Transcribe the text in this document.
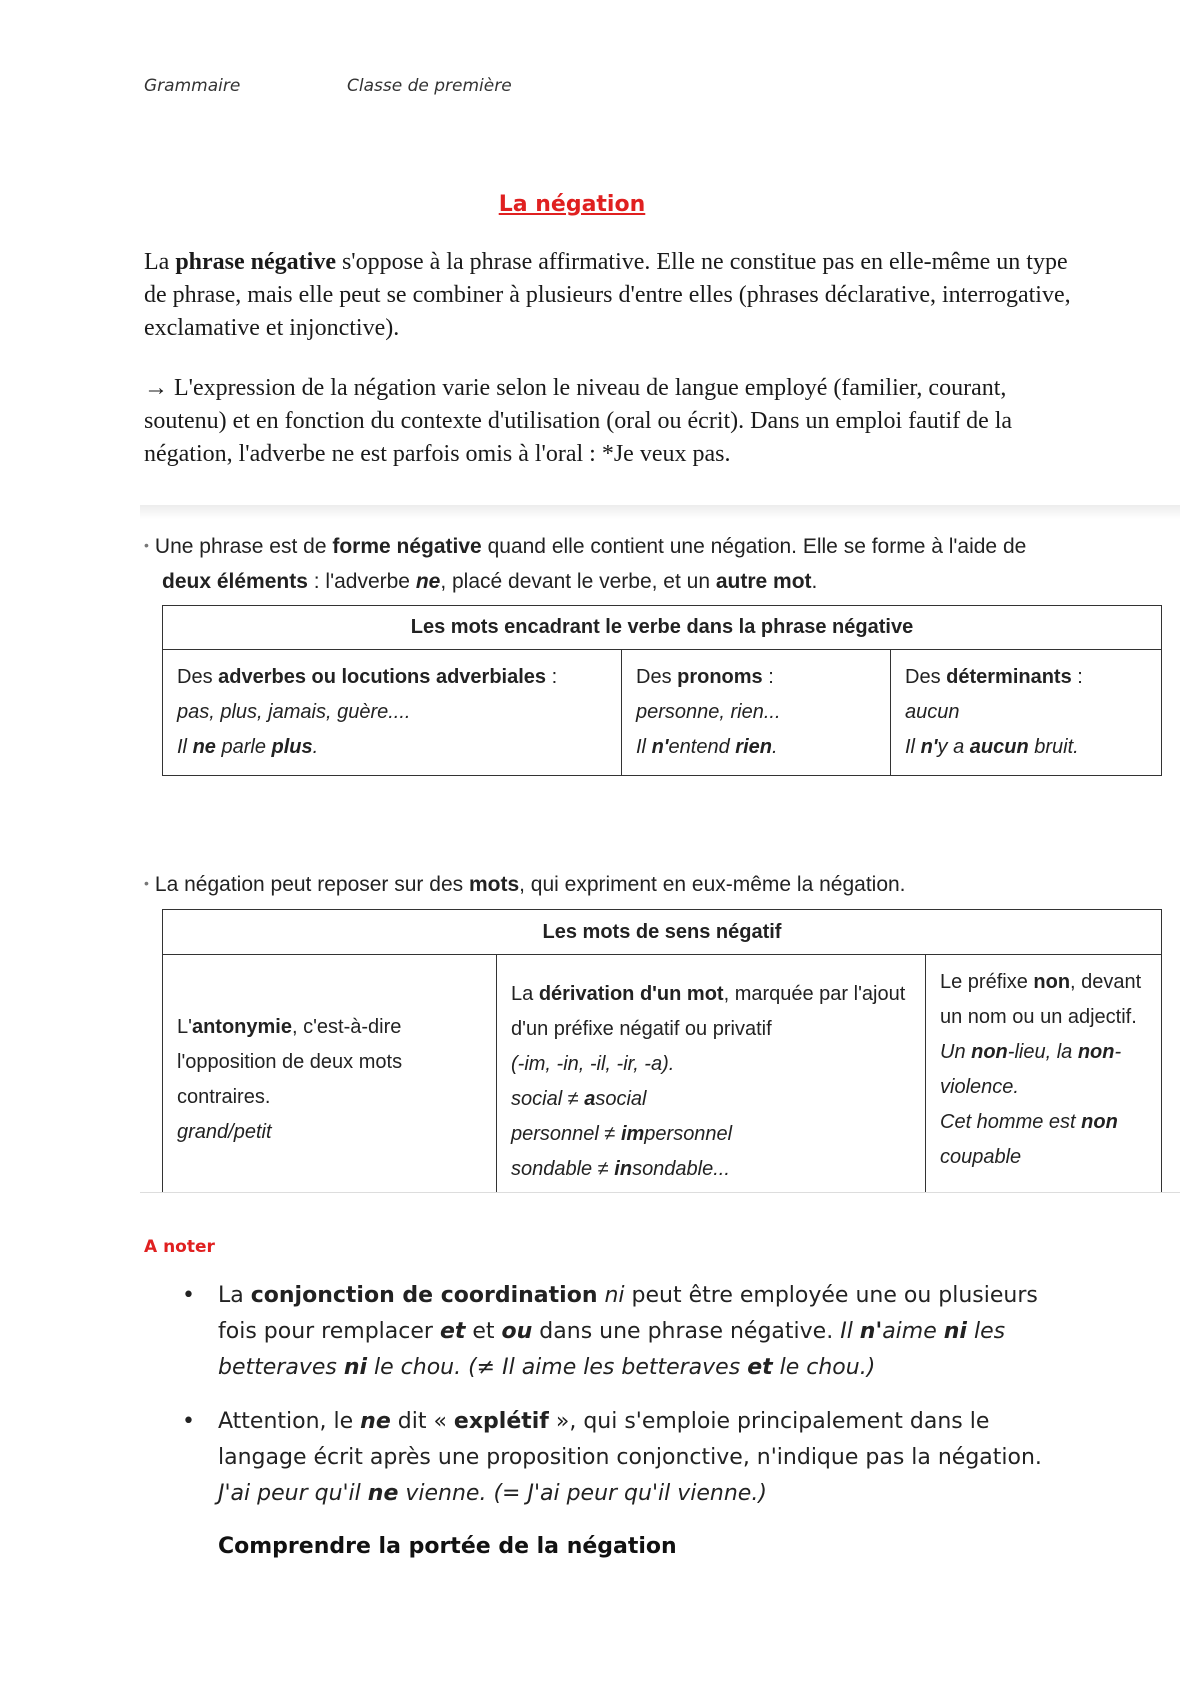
Grammaire	Classe de première
La négation
La phrase négative s'oppose à la phrase affirmative. Elle ne constitue pas en elle-même un type de phrase, mais elle peut se combiner à plusieurs d'entre elles (phrases déclarative, interrogative, exclamative et injonctive).
→ L'expression de la négation varie selon le niveau de langue employé (familier, courant, soutenu) et en fonction du contexte d'utilisation (oral ou écrit). Dans un emploi fautif de la négation, l'adverbe ne est parfois omis à l'oral : *Je veux pas.
• Une phrase est de forme négative quand elle contient une négation. Elle se forme à l'aide de
deux éléments : l'adverbe ne, placé devant le verbe, et un autre mot.
Les mots encadrant le verbe dans la phrase négative
Des adverbes ou locutions adverbiales :
pas, plus, jamais, guère....
Il ne parle plus.	Des pronoms :
personne, rien...
Il n'entend rien.	Des déterminants :
aucun
Il n'y a aucun bruit.
• La négation peut reposer sur des mots, qui expriment en eux-même la négation.
Les mots de sens négatif
L'antonymie, c'est-à-dire l'opposition de deux mots contraires.
grand/petit	La dérivation d'un mot, marquée par l'ajout d'un préfixe négatif ou privatif
(-im, -in, -il, -ir, -a).
social ≠ asocial
personnel ≠ impersonnel
sondable ≠ insondable...	Le préfixe non, devant un nom ou un adjectif.
Un non-lieu, la non-violence.
Cet homme est non coupable
A noter
• La conjonction de coordination ni peut être employée une ou plusieurs fois pour remplacer et et ou dans une phrase négative. Il n'aime ni les betteraves ni le chou. (≠ Il aime les betteraves et le chou.)
• Attention, le ne dit « explétif », qui s'emploie principalement dans le langage écrit après une proposition conjonctive, n'indique pas la négation. J'ai peur qu'il ne vienne. (= J'ai peur qu'il vienne.)
Comprendre la portée de la négation
